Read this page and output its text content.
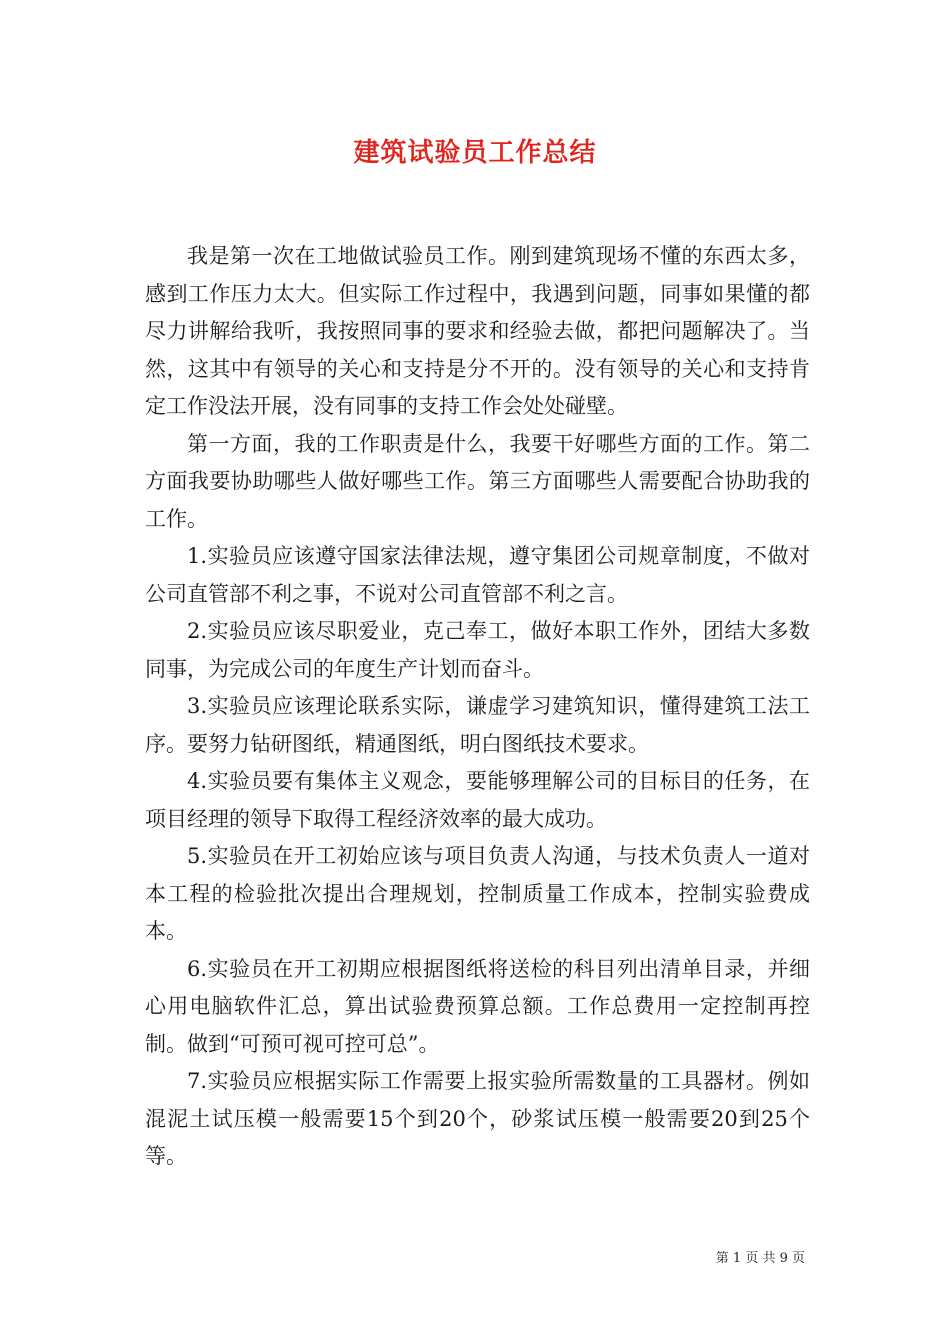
建筑试验员工作总结

我是第一次在工地做试验员工作。刚到建筑现场不懂的东西太多，感到工作压力太大。但实际工作过程中，我遇到问题，同事如果懂的都尽力讲解给我听，我按照同事的要求和经验去做，都把问题解决了。当然，这其中有领导的关心和支持是分不开的。没有领导的关心和支持肯定工作没法开展，没有同事的支持工作会处处碰壁。

第一方面，我的工作职责是什么，我要干好哪些方面的工作。第二方面我要协助哪些人做好哪些工作。第三方面哪些人需要配合协助我的工作。

1.实验员应该遵守国家法律法规，遵守集团公司规章制度，不做对公司直管部不利之事，不说对公司直管部不利之言。

2.实验员应该尽职爱业，克己奉工，做好本职工作外，团结大多数同事，为完成公司的年度生产计划而奋斗。

3.实验员应该理论联系实际，谦虚学习建筑知识，懂得建筑工法工序。要努力钻研图纸，精通图纸，明白图纸技术要求。

4.实验员要有集体主义观念，要能够理解公司的目标目的任务，在项目经理的领导下取得工程经济效率的最大成功。

5.实验员在开工初始应该与项目负责人沟通，与技术负责人一道对本工程的检验批次提出合理规划，控制质量工作成本，控制实验费成本。

6.实验员在开工初期应根据图纸将送检的科目列出清单目录，并细心用电脑软件汇总，算出试验费预算总额。工作总费用一定控制再控制。做到“可预可视可控可总”。

7.实验员应根据实际工作需要上报实验所需数量的工具器材。例如混泥土试压模一般需要15个到20个，砂浆试压模一般需要20到25个等。

第 1 页 共 9 页
